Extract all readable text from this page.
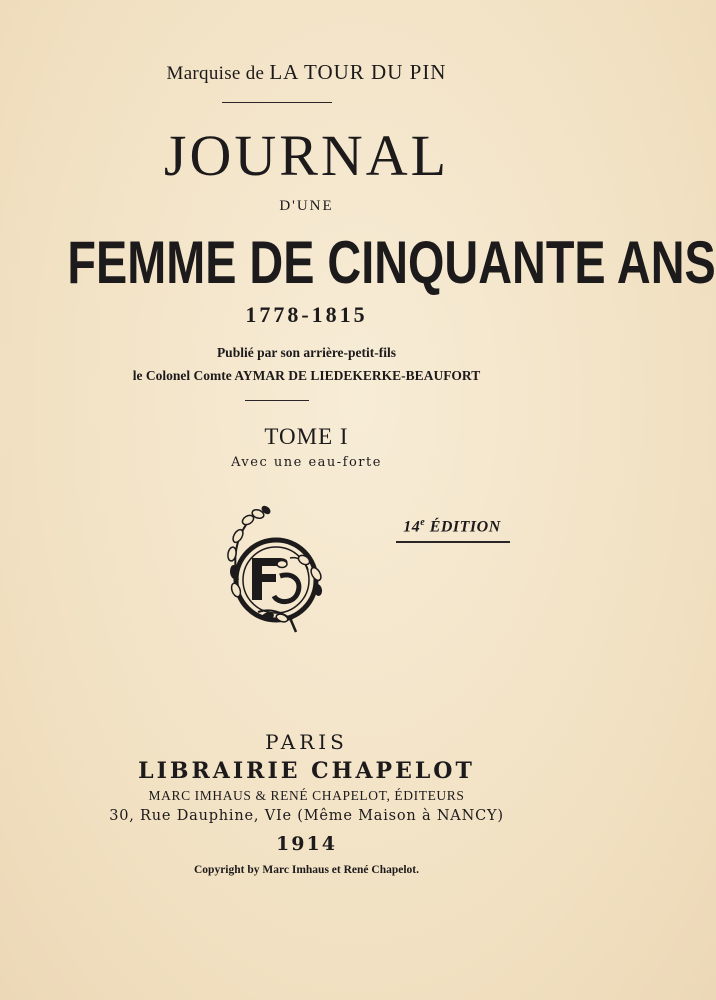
Marquise de LA TOUR DU PIN
JOURNAL
D'UNE
FEMME DE CINQUANTE ANS
1778-1815
Publié par son arrière-petit-fils
le Colonel Comte AYMAR DE LIEDEKERKE-BEAUFORT
TOME I
Avec une eau-forte
14e ÉDITION
PARIS
LIBRAIRIE CHAPELOT
MARC IMHAUS & RENÉ CHAPELOT, ÉDITEURS
30, Rue Dauphine, VIe (Même Maison à NANCY)
1914
Copyright by Marc Imhaus et René Chapelot.
